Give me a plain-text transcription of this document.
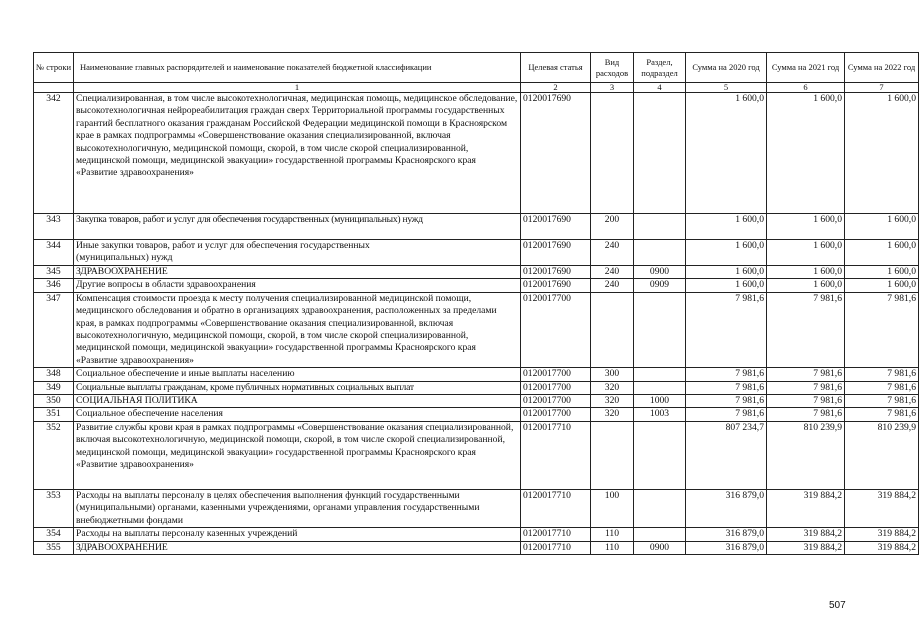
№ строки	Наименование главных распорядителей и наименование показателей бюджетной классификации	Целевая статья	Вид расходов	Раздел, подраздел	Сумма на 2020 год	Сумма на 2021 год	Сумма на 2022 год
	1	2	3	4	5	6	7
342	Специализированная, в том числе высокотехнологичная, медицинская помощь, медицинское обследование, высокотехнологичная нейрореабилитация граждан сверх Территориальной программы государственных гарантий бесплатного оказания гражданам Российской Федерации медицинской помощи в Красноярском крае в рамках подпрограммы «Совершенствование оказания специализированной, включая высокотехнологичную, медицинской помощи, скорой, в том числе скорой специализированной, медицинской помощи, медицинской эвакуации» государственной программы Красноярского края «Развитие здравоохранения»	0120017690			1 600,0	1 600,0	1 600,0
343	Закупка товаров, работ и услуг для обеспечения государственных (муниципальных) нужд	0120017690	200		1 600,0	1 600,0	1 600,0
344	Иные закупки товаров, работ и услуг для обеспечения государственных (муниципальных) нужд	0120017690	240		1 600,0	1 600,0	1 600,0
345	ЗДРАВООХРАНЕНИЕ	0120017690	240	0900	1 600,0	1 600,0	1 600,0
346	Другие вопросы в области здравоохранения	0120017690	240	0909	1 600,0	1 600,0	1 600,0
347	Компенсация стоимости проезда к месту получения специализированной медицинской помощи, медицинского обследования и обратно в организациях здравоохранения, расположенных за пределами края, в рамках подпрограммы «Совершенствование оказания специализированной, включая высокотехнологичную, медицинской помощи, скорой, в том числе скорой специализированной, медицинской помощи, медицинской эвакуации» государственной программы Красноярского края «Развитие здравоохранения»	0120017700			7 981,6	7 981,6	7 981,6
348	Социальное обеспечение и иные выплаты населению	0120017700	300		7 981,6	7 981,6	7 981,6
349	Социальные выплаты гражданам, кроме публичных нормативных социальных выплат	0120017700	320		7 981,6	7 981,6	7 981,6
350	СОЦИАЛЬНАЯ ПОЛИТИКА	0120017700	320	1000	7 981,6	7 981,6	7 981,6
351	Социальное обеспечение населения	0120017700	320	1003	7 981,6	7 981,6	7 981,6
352	Развитие службы крови края в рамках подпрограммы «Совершенствование оказания специализированной, включая высокотехнологичную, медицинской помощи, скорой, в том числе скорой специализированной, медицинской помощи, медицинской эвакуации» государственной программы Красноярского края «Развитие здравоохранения»	0120017710			807 234,7	810 239,9	810 239,9
353	Расходы на выплаты персоналу в целях обеспечения выполнения функций государственными (муниципальными) органами, казенными учреждениями, органами управления государственными внебюджетными фондами	0120017710	100		316 879,0	319 884,2	319 884,2
354	Расходы на выплаты персоналу казенных учреждений	0120017710	110		316 879,0	319 884,2	319 884,2
355	ЗДРАВООХРАНЕНИЕ	0120017710	110	0900	316 879,0	319 884,2	319 884,2
507
